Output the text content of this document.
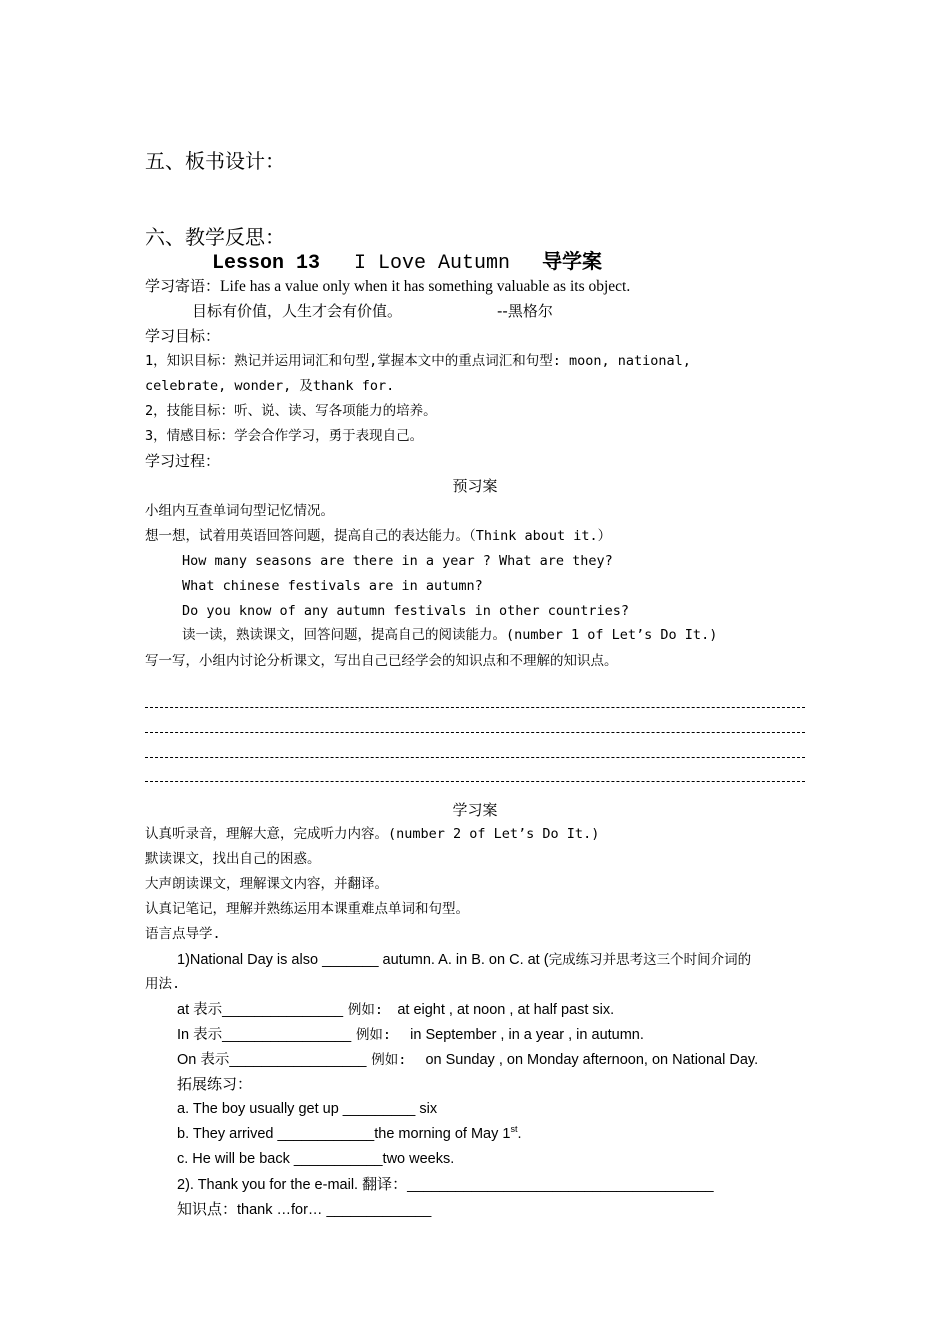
五、板书设计：
六、教学反思：
Lesson 13 I Love Autumn 导学案
学习寄语：Life has a value only when it has something valuable as its object.
目标有价值，人生才会有价值。	--黑格尔
学习目标：
1，知识目标：熟记并运用词汇和句型,掌握本文中的重点词汇和句型: moon, national,
celebrate, wonder, 及thank for.
2，技能目标：听、说、读、写各项能力的培养。
3，情感目标：学会合作学习，勇于表现自己。
学习过程：
预习案
小组内互查单词句型记忆情况。
想一想，试着用英语回答问题，提高自己的表达能力。（Think about it.）
How many seasons are there in a year ? What are they?
What chinese festivals are in autumn?
Do you know of any autumn festivals in other countries?
读一读，熟读课文，回答问题，提高自己的阅读能力。(number 1 of Let’s Do It.)
写一写，小组内讨论分析课文，写出自己已经学会的知识点和不理解的知识点。
学习案
认真听录音，理解大意，完成听力内容。(number 2 of Let’s Do It.)
默读课文，找出自己的困惑。
大声朗读课文，理解课文内容，并翻译。
认真记笔记，理解并熟练运用本课重难点单词和句型。
语言点导学.
1)National Day is also _______ autumn. A. in B. on C. at (完成练习并思考这三个时间介词的
用法.
at 表示_______________ 例如: at eight , at noon , at half past six.
In 表示________________ 例如: in September , in a year , in autumn.
On 表示_________________ 例如: on Sunday , on Monday afternoon, on National Day.
拓展练习：
a. The boy usually get up _________ six
b. They arrived ____________the morning of May 1st.
c. He will be back ___________two weeks.
2). Thank you for the e-mail. 翻译：______________________________________
知识点：thank …for… _____________
